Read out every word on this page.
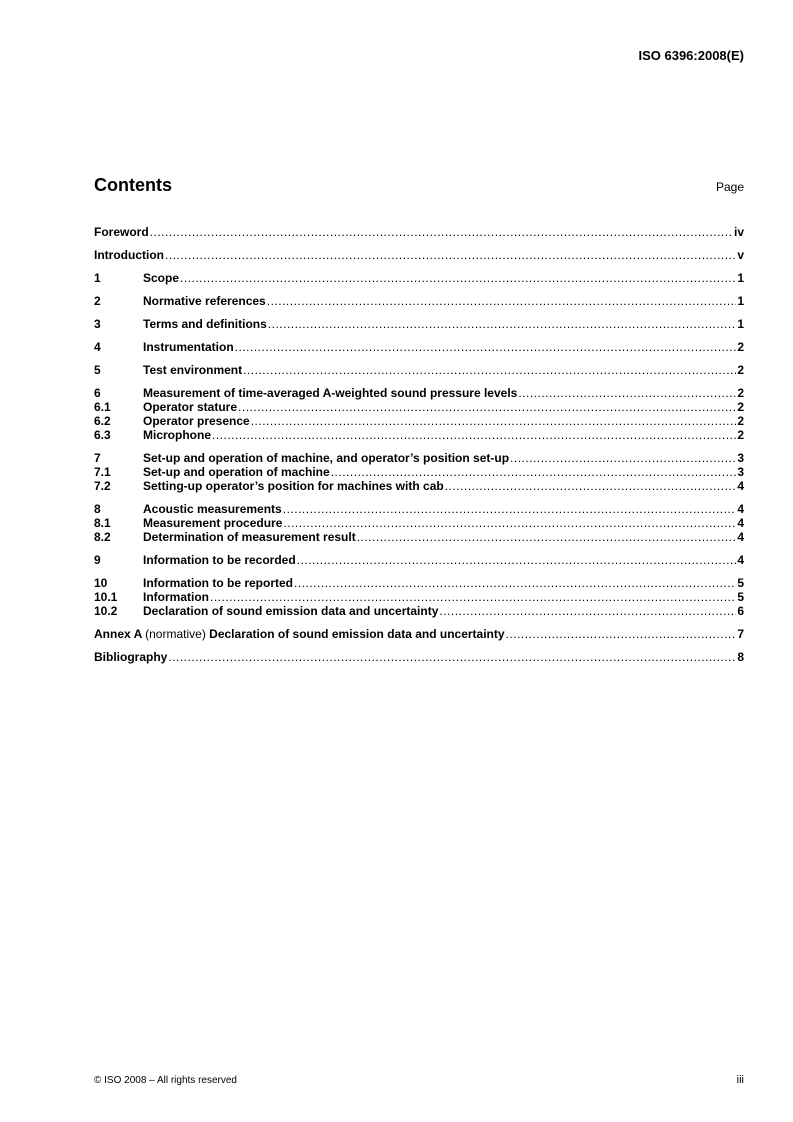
ISO 6396:2008(E)
Contents	Page
Foreword .....	iv
Introduction .....	v
1	Scope .....	1
2	Normative references .....	1
3	Terms and definitions .....	1
4	Instrumentation .....	2
5	Test environment .....	2
6	Measurement of time-averaged A-weighted sound pressure levels .....	2
6.1	Operator stature .....	2
6.2	Operator presence .....	2
6.3	Microphone .....	2
7	Set-up and operation of machine, and operator’s position set-up .....	3
7.1	Set-up and operation of machine .....	3
7.2	Setting-up operator’s position for machines with cab .....	4
8	Acoustic measurements .....	4
8.1	Measurement procedure .....	4
8.2	Determination of measurement result .....	4
9	Information to be recorded .....	4
10	Information to be reported .....	5
10.1	Information .....	5
10.2	Declaration of sound emission data and uncertainty .....	6
Annex A (normative) Declaration of sound emission data and uncertainty .....	7
Bibliography .....	8
© ISO 2008 – All rights reserved	iii
